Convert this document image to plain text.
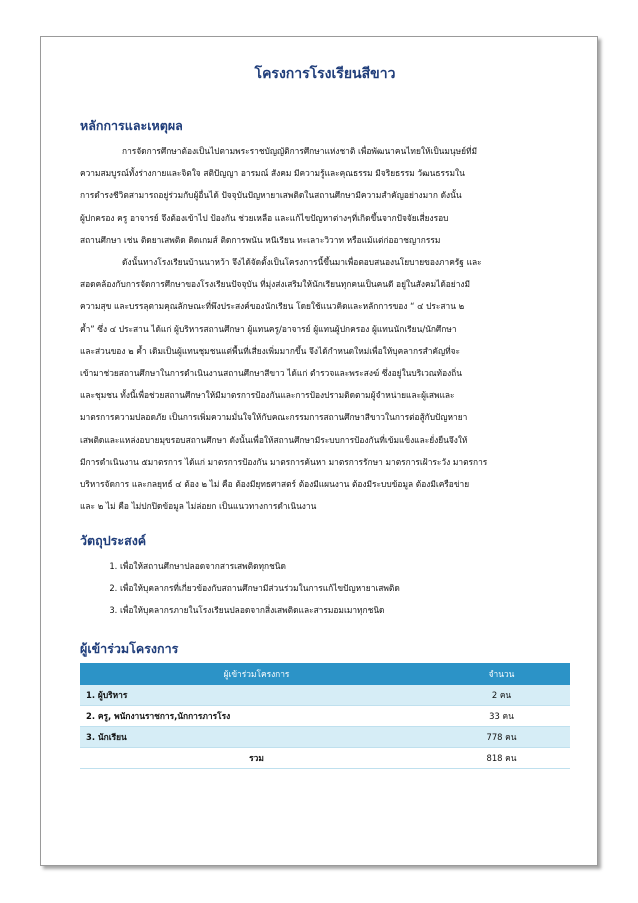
โครงการโรงเรียนสีขาว
หลักการและเหตุผล
การจัดการศึกษาต้องเป็นไปตามพระราชบัญญัติการศึกษาแห่งชาติ เพื่อพัฒนาคนไทยให้เป็นมนุษย์ที่มี
ความสมบูรณ์ทั้งร่างกายและจิตใจ สติปัญญา อารมณ์ สังคม มีความรู้และคุณธรรม มีจริยธรรม วัฒนธรรมใน
การดำรงชีวิตสามารถอยู่ร่วมกับผู้อื่นได้ ปัจจุบันปัญหายาเสพติดในสถานศึกษามีความสำคัญอย่างมาก ดังนั้น
ผู้ปกครอง ครู อาจารย์ จึงต้องเข้าไป ป้องกัน ช่วยเหลือ และแก้ไขปัญหาต่างๆที่เกิดขึ้นจากปัจจัยเสี่ยงรอบ
สถานศึกษา เช่น ติดยาเสพติด ติดเกมส์ ติดการพนัน หนีเรียน ทะเลาะวิวาท หรือแม้แต่ก่ออาชญากรรม
ดังนั้นทางโรงเรียนบ้านนาหว้า จึงได้จัดตั้งเป็นโครงการนี้ขึ้นมาเพื่อตอบสนองนโยบายของภาครัฐ และ
สอดคล้องกับการจัดการศึกษาของโรงเรียนปัจจุบัน ที่มุ่งส่งเสริมให้นักเรียนทุกคนเป็นคนดี อยู่ในสังคมได้อย่างมี
ความสุข และบรรลุตามคุณลักษณะที่พึงประสงค์ของนักเรียน โดยใช้แนวคิดและหลักการของ “ ๔ ประสาน ๒
ค้ำ” ซึ่ง ๔ ประสาน ได้แก่ ผู้บริหารสถานศึกษา ผู้แทนครู/อาจารย์ ผู้แทนผู้ปกครอง ผู้แทนนักเรียน/นักศึกษา
และส่วนของ ๒ ค้ำ เดิมเป็นผู้แทนชุมชนแต่พื้นที่เสี่ยงเพิ่มมากขึ้น จึงได้กำหนดใหม่เพื่อให้บุคลากรสำคัญที่จะ
เข้ามาช่วยสถานศึกษาในการดำเนินงานสถานศึกษาสีขาว ได้แก่ ตำรวจและพระสงฆ์ ซึ่งอยู่ในบริเวณท้องถิ่น
และชุมชน ทั้งนี้เพื่อช่วยสถานศึกษาให้มีมาตรการป้องกันและการป้องปรามติดตามผู้จำหน่ายและผู้เสพและ
มาตรการความปลอดภัย เป็นการเพิ่มความมั่นใจให้กับคณะกรรมการสถานศึกษาสีขาวในการต่อสู้กับปัญหายา
เสพติดและแหล่งอบายมุขรอบสถานศึกษา ดังนั้นเพื่อให้สถานศึกษามีระบบการป้องกันที่เข้มแข็งและยั่งยืนจึงให้
มีการดำเนินงาน ๕มาตรการ ได้แก่ มาตรการป้องกัน มาตรการค้นหา มาตรการรักษา มาตรการเฝ้าระวัง มาตรการ
บริหารจัดการ และกลยุทธ์ ๔ ต้อง ๒ ไม่ คือ ต้องมียุทธศาสตร์ ต้องมีแผนงาน ต้องมีระบบข้อมูล ต้องมีเครือข่าย
และ ๒ ไม่ คือ ไม่ปกปิดข้อมูล ไม่ล่อยก เป็นแนวทางการดำเนินงาน
วัตถุประสงค์
1. เพื่อให้สถานศึกษาปลอดจากสารเสพติดทุกชนิด
2. เพื่อให้บุคลากรที่เกี่ยวข้องกับสถานศึกษามีส่วนร่วมในการแก้ไขปัญหายาเสพติด
3. เพื่อให้บุคลากรภายในโรงเรียนปลอดจากสิ่งเสพติดและสารมอมเมาทุกชนิด
ผู้เข้าร่วมโครงการ
ผู้เข้าร่วมโครงการ	จำนวน
1. ผู้บริหาร	2 คน
2. ครู, พนักงานราชการ,นักการภารโรง	33 คน
3. นักเรียน	778 คน
รวม	818 คน
